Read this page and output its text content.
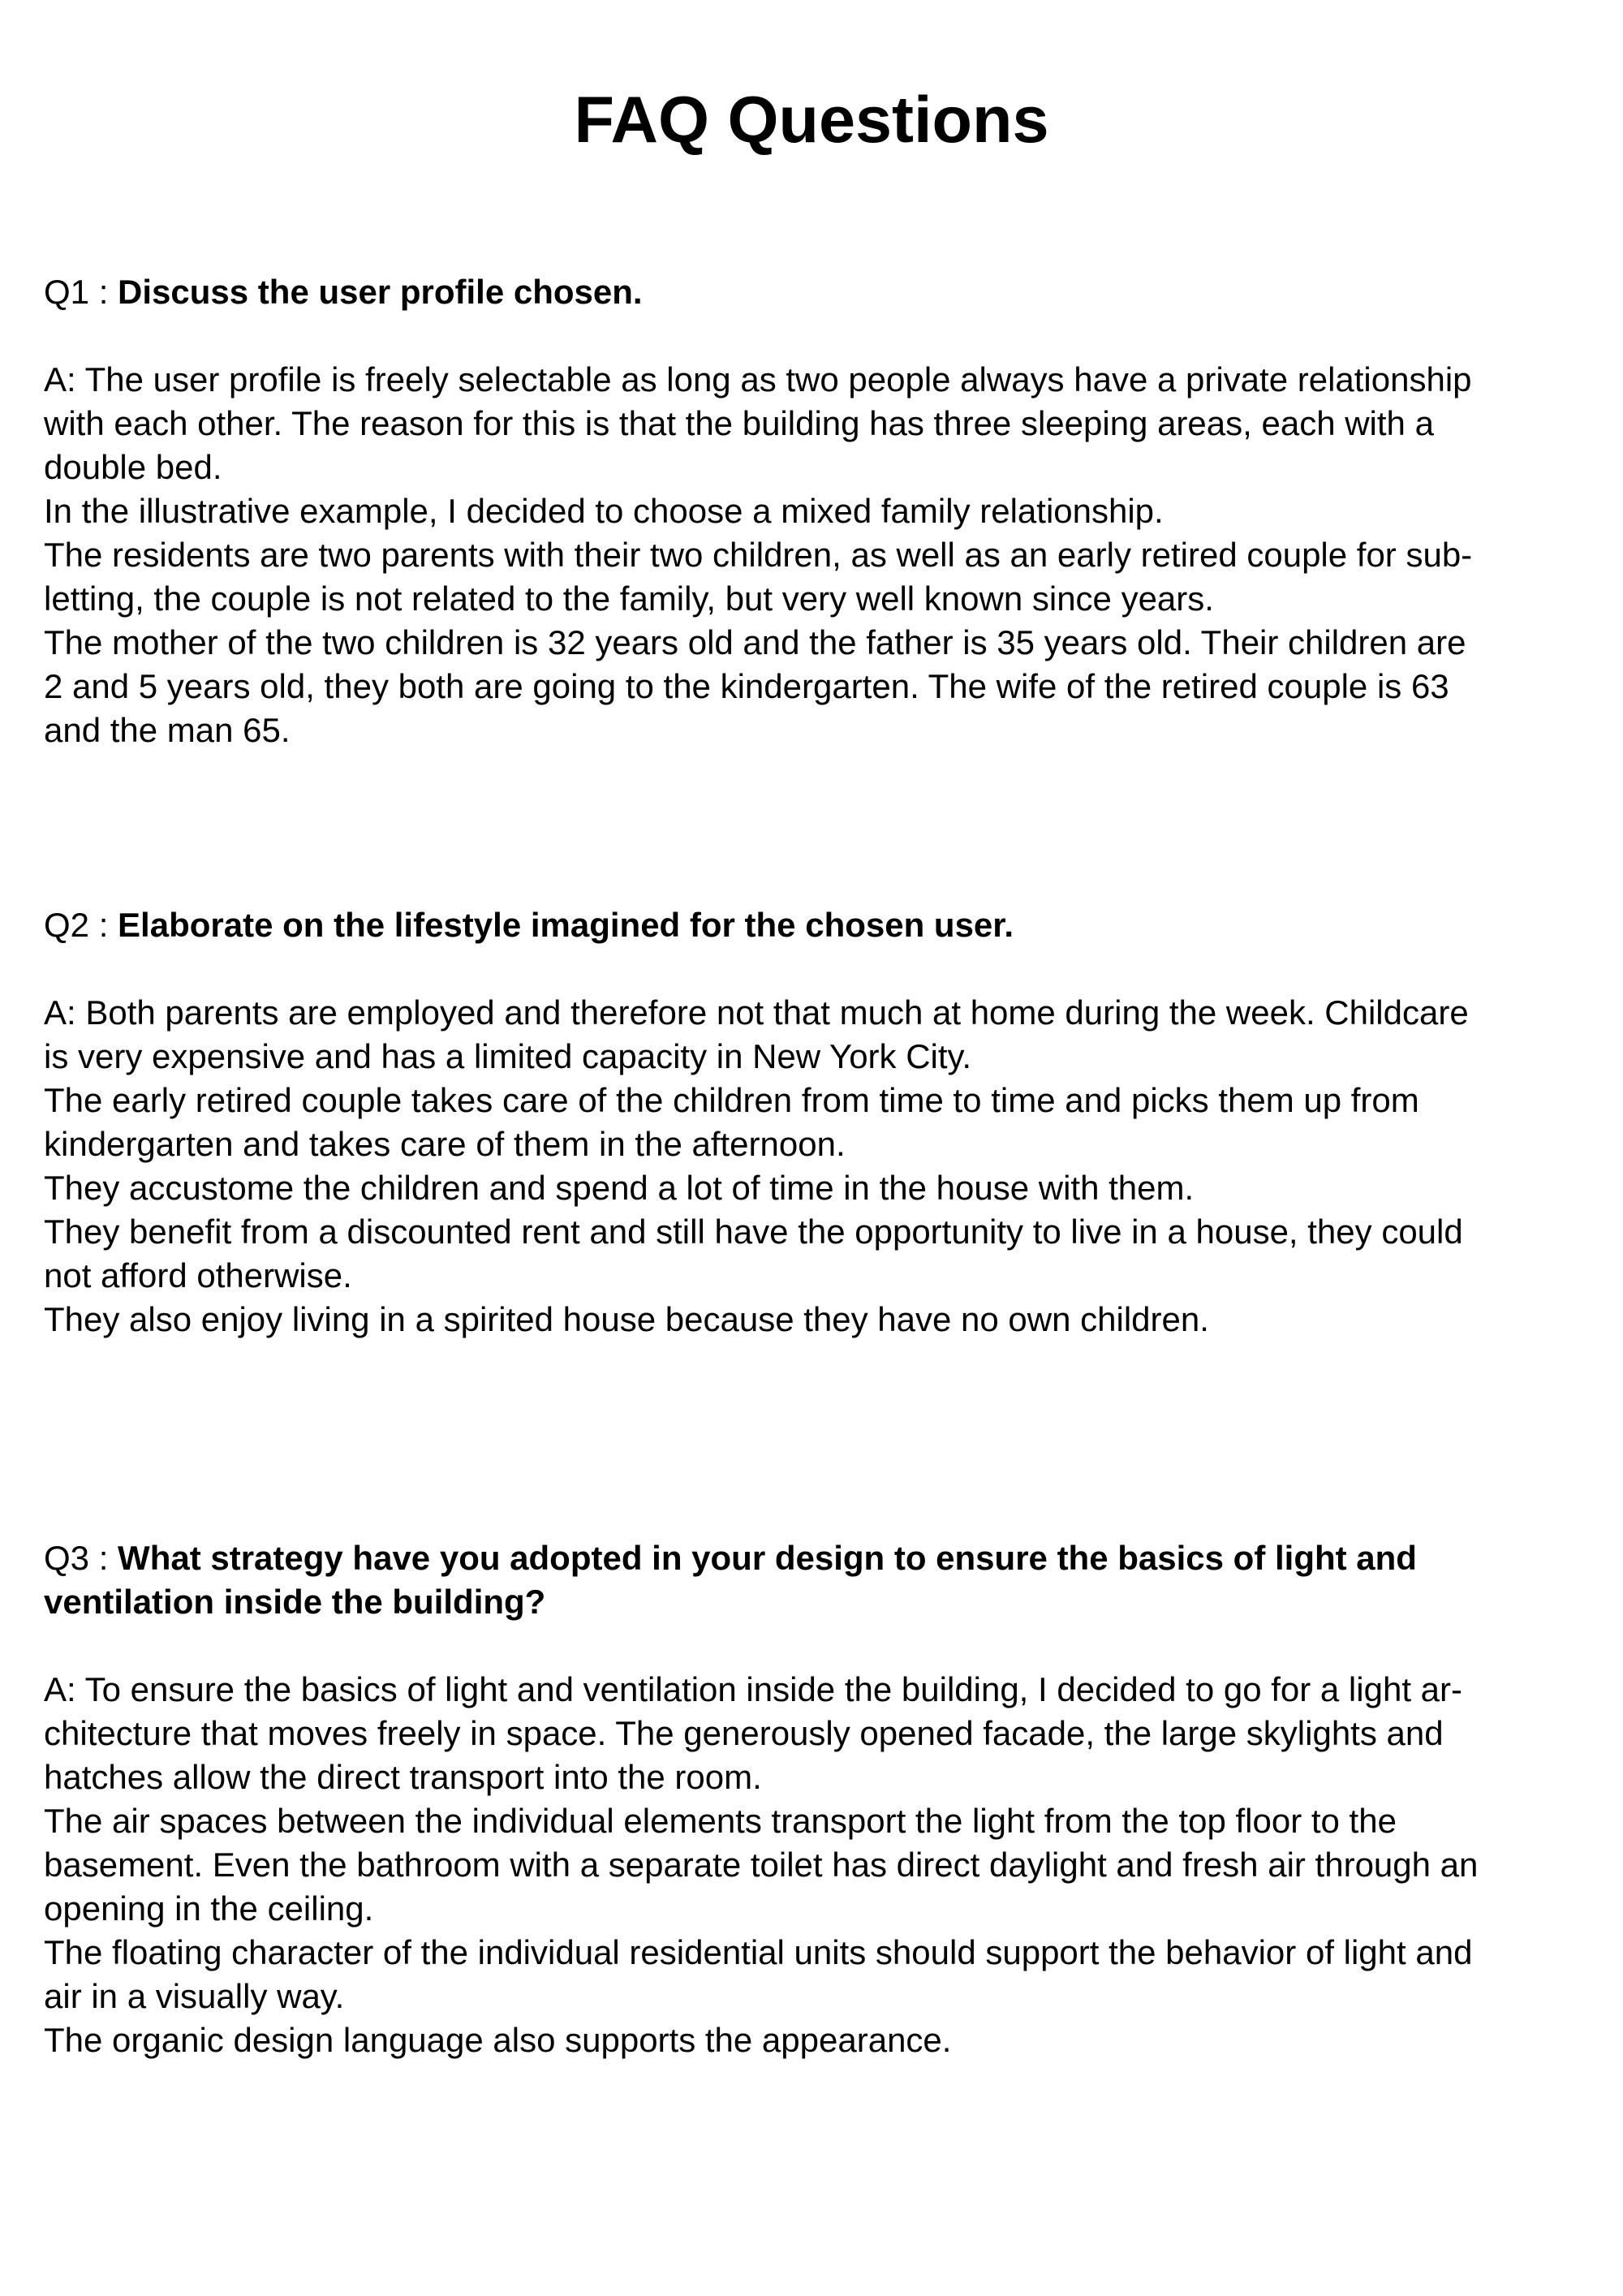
FAQ Questions

Q1 : Discuss the user profile chosen.

A: The user profile is freely selectable as long as two people always have a private relationship
with each other. The reason for this is that the building has three sleeping areas, each with a
double bed.
In the illustrative example, I decided to choose a mixed family relationship.
The residents are two parents with their two children, as well as an early retired couple for sub-
letting, the couple is not related to the family, but very well known since years.
The mother of the two children is 32 years old and the father is 35 years old. Their children are
2 and 5 years old, they both are going to the kindergarten. The wife of the retired couple is 63
and the man 65.

Q2 : Elaborate on the lifestyle imagined for the chosen user.

A: Both parents are employed and therefore not that much at home during the week. Childcare
is very expensive and has a limited capacity in New York City.
The early retired couple takes care of the children from time to time and picks them up from
kindergarten and takes care of them in the afternoon.
They accustome the children and spend a lot of time in the house with them.
They benefit from a discounted rent and still have the opportunity to live in a house, they could
not afford otherwise.
They also enjoy living in a spirited house because they have no own children.

Q3 : What strategy have you adopted in your design to ensure the basics of light and
ventilation inside the building?

A: To ensure the basics of light and ventilation inside the building, I decided to go for a light ar-
chitecture that moves freely in space. The generously opened facade, the large skylights and
hatches allow the direct transport into the room.
The air spaces between the individual elements transport the light from the top floor to the
basement. Even the bathroom with a separate toilet has direct daylight and fresh air through an
opening in the ceiling.
The floating character of the individual residential units should support the behavior of light and
air in a visually way.
The organic design language also supports the appearance.
